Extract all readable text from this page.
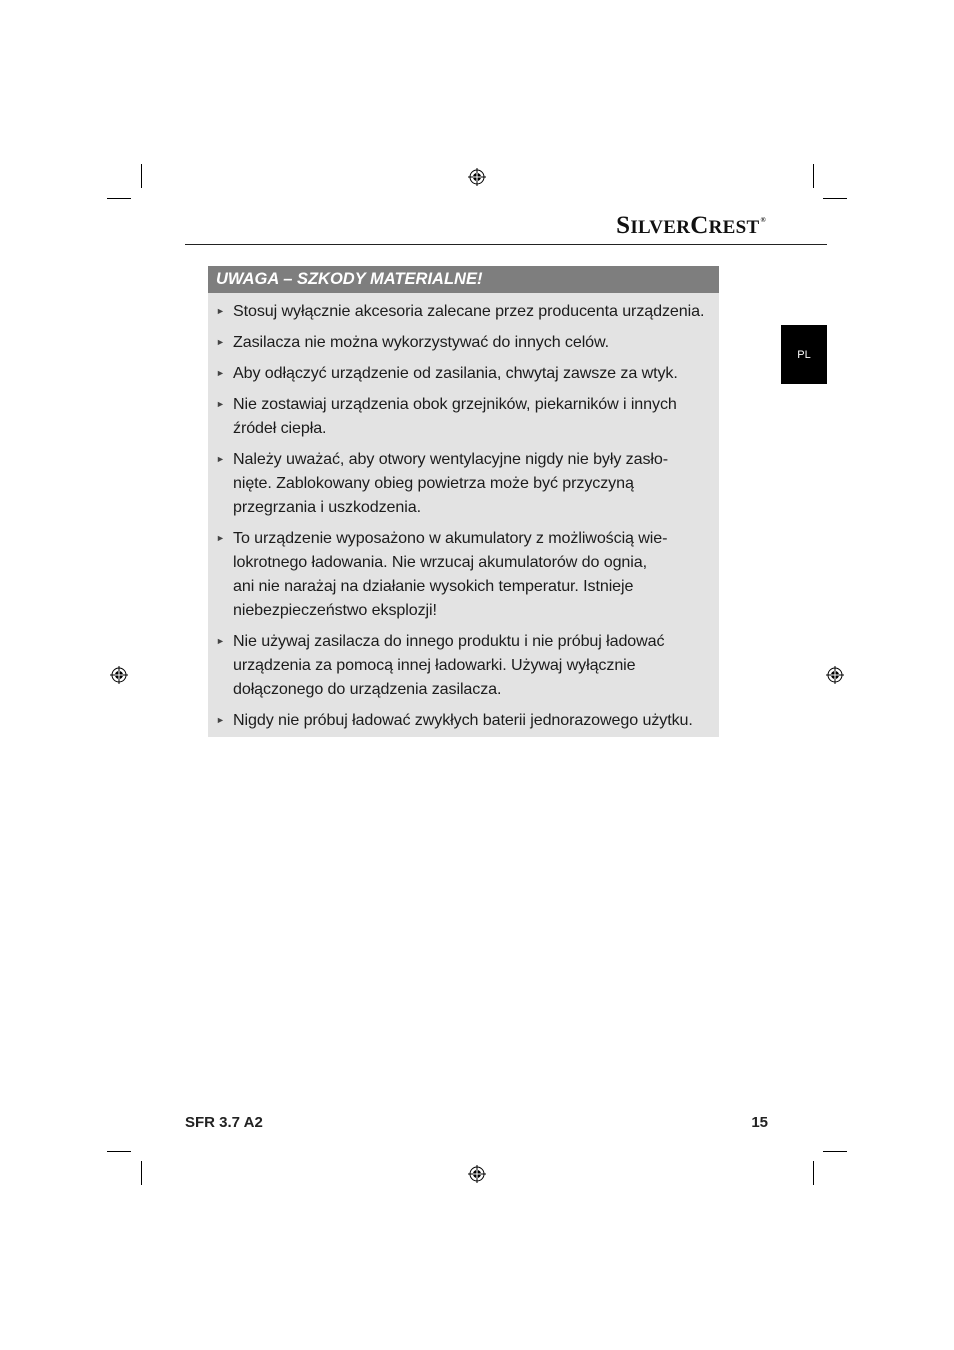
SILVERCREST®
PL
UWAGA – SZKODY MATERIALNE!
► Stosuj wyłącznie akcesoria zalecane przez producenta urządzenia.
► Zasilacza nie można wykorzystywać do innych celów.
► Aby odłączyć urządzenie od zasilania, chwytaj zawsze za wtyk.
► Nie zostawiaj urządzenia obok grzejników, piekarników i innych
źródeł ciepła.
► Należy uważać, aby otwory wentylacyjne nigdy nie były zasło-
nięte. Zablokowany obieg powietrza może być przyczyną
przegrzania i uszkodzenia.
► To urządzenie wyposażono w akumulatory z możliwością wie-
lokrotnego ładowania. Nie wrzucaj akumulatorów do ognia,
ani nie narażaj na działanie wysokich temperatur. Istnieje
niebezpieczeństwo eksplozji!
► Nie używaj zasilacza do innego produktu i nie próbuj ładować
urządzenia za pomocą innej ładowarki. Używaj wyłącznie
dołączonego do urządzenia zasilacza.
► Nigdy nie próbuj ładować zwykłych baterii jednorazowego użytku.
SFR 3.7 A2	15
